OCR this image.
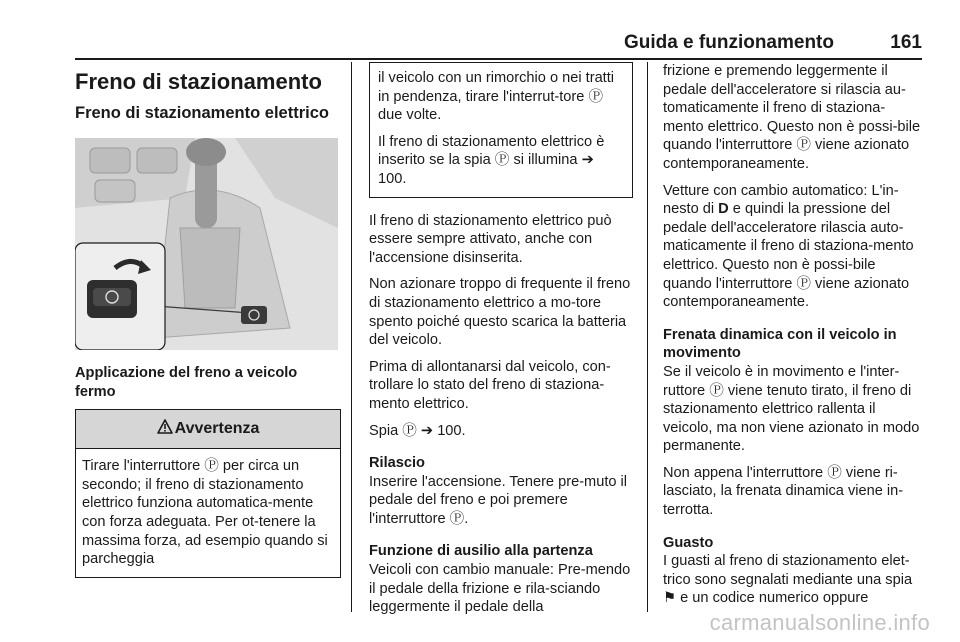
Guida e funzionamento	161
Freno di stazionamento
Freno di stazionamento elettrico

Applicazione del freno a veicolo fermo

Avvertenza
Tirare l'interruttore Ⓟ per circa un secondo; il freno di stazionamento elettrico funziona automatica-mente con forza adeguata. Per ot-tenere la massima forza, ad esempio quando si parcheggia

il veicolo con un rimorchio o nei tratti in pendenza, tirare l'interrut-tore Ⓟ due volte.

Il freno di stazionamento elettrico è inserito se la spia Ⓟ si illumina ➔ 100.

Il freno di stazionamento elettrico può essere sempre attivato, anche con l'accensione disinserita.

Non azionare troppo di frequente il freno di stazionamento elettrico a mo-tore spento poiché questo scarica la batteria del veicolo.

Prima di allontanarsi dal veicolo, con-trollare lo stato del freno di staziona-mento elettrico.

Spia Ⓟ ➔ 100.

Rilascio
Inserire l'accensione. Tenere pre-muto il pedale del freno e poi premere l'interruttore Ⓟ.

Funzione di ausilio alla partenza
Veicoli con cambio manuale: Pre-mendo il pedale della frizione e rila-sciando leggermente il pedale della

frizione e premendo leggermente il pedale dell'acceleratore si rilascia au-tomaticamente il freno di staziona-mento elettrico. Questo non è possi-bile quando l'interruttore Ⓟ viene azionato contemporaneamente.

Vetture con cambio automatico: L'in-nesto di D e quindi la pressione del pedale dell'acceleratore rilascia auto-maticamente il freno di staziona-mento elettrico. Questo non è possi-bile quando l'interruttore Ⓟ viene azionato contemporaneamente.

Frenata dinamica con il veicolo in movimento
Se il veicolo è in movimento e l'inter-ruttore Ⓟ viene tenuto tirato, il freno di stazionamento elettrico rallenta il veicolo, ma non viene azionato in modo permanente.

Non appena l'interruttore Ⓟ viene ri-lasciato, la frenata dinamica viene in-terrotta.

Guasto
I guasti al freno di stazionamento elet-trico sono segnalati mediante una spia ⚑ e un codice numerico oppure

carmanualsonline.info
